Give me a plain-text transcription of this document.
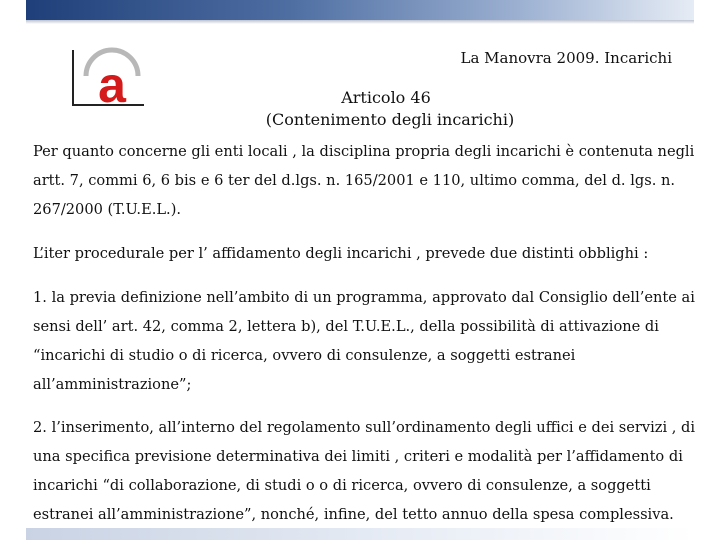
a	La Manovra 2009. Incarichi
Articolo 46
(Contenimento degli incarichi)
Per quanto concerne gli enti locali , la disciplina propria degli incarichi è contenuta negli artt. 7, commi 6, 6 bis e 6 ter del d.lgs. n. 165/2001 e 110, ultimo comma, del d. lgs. n. 267/2000 (T.U.E.L.).
L’iter procedurale per l’ affidamento degli incarichi , prevede due distinti obblighi :
1. la previa definizione nell’ambito di un programma, approvato dal Consiglio dell’ente ai sensi dell’ art. 42, comma 2, lettera b), del T.U.E.L., della possibilità di attivazione di “incarichi di studio o di ricerca, ovvero di consulenze, a soggetti estranei all’amministrazione”;
2. l’inserimento, all’interno del regolamento sull’ordinamento degli uffici e dei servizi , di una specifica previsione determinativa dei limiti , criteri e modalità per l’affidamento di incarichi “di collaborazione, di studi o o di ricerca, ovvero di consulenze, a soggetti estranei all’amministrazione”, nonché, infine, del tetto annuo della spesa complessiva.
